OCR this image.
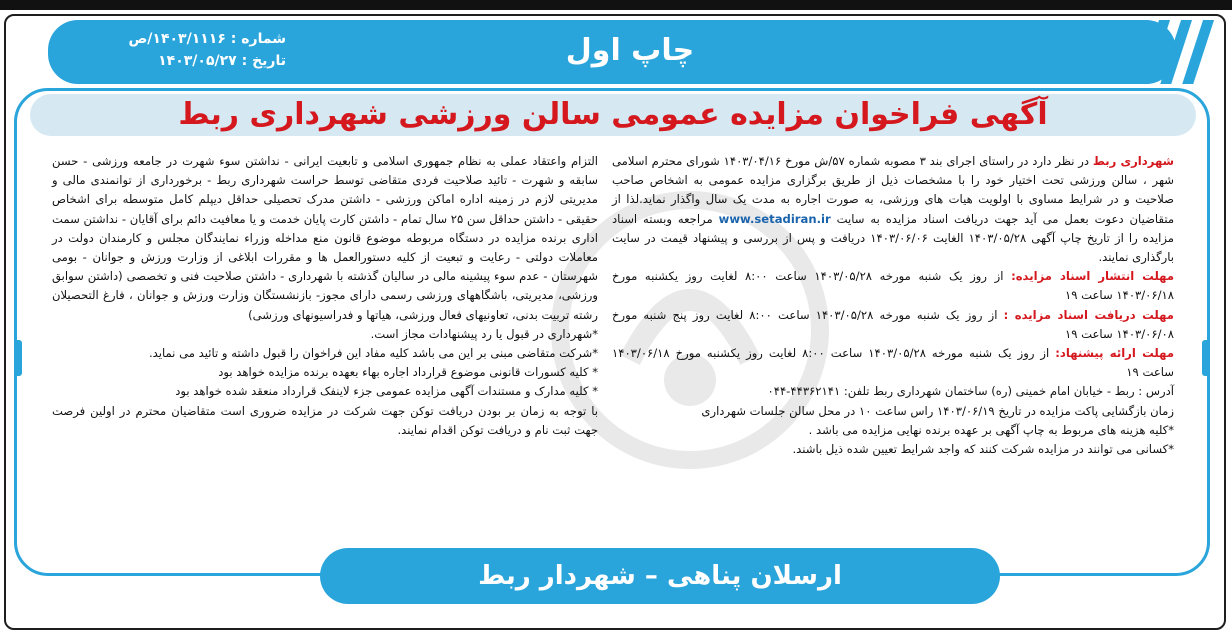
شماره : ۱۴۰۳/۱۱۱۶/ص
تاریخ : ۱۴۰۳/۰۵/۲۷	چاپ اول
آگهی فراخوان مزایده عمومی سالن ورزشی شهرداری ربط

شهرداری ربط در نظر دارد در راستای اجرای بند ۳ مصوبه شماره ۵۷/ش مورخ ۱۴۰۳/۰۴/۱۶ شورای محترم اسلامی شهر ، سالن ورزشی تحت اختیار خود را با مشخصات ذیل از طریق برگزاری مزایده عمومی به اشخاص صاحب صلاحیت و در شرایط مساوی با اولویت هیات های ورزشی، به صورت اجاره به مدت یک سال واگذار نماید.لذا از متقاضیان دعوت بعمل می آید جهت دریافت اسناد مزایده به سایت www.setadiran.ir مراجعه وبسته اسناد مزایده را از تاریخ چاپ آگهی ۱۴۰۳/۰۵/۲۸ الغایت ۱۴۰۳/۰۶/۰۶ دریافت و پس از بررسی و پیشنهاد قیمت در سایت بارگذاری نمایند.

مهلت انتشار اسناد مزایده: از روز یک شنبه مورخه ۱۴۰۳/۰۵/۲۸ ساعت ۸:۰۰ لغایت روز یکشنبه مورخ ۱۴۰۳/۰۶/۱۸ ساعت ۱۹

مهلت دریافت اسناد مزایده : از روز یک شنبه مورخه ۱۴۰۳/۰۵/۲۸ ساعت ۸:۰۰ لغایت روز پنج شنبه مورخ ۱۴۰۳/۰۶/۰۸ ساعت ۱۹

مهلت ارائه پیشنهاد: از روز یک شنبه مورخه ۱۴۰۳/۰۵/۲۸ ساعت ۸:۰۰ لغایت روز یکشنبه مورخ ۱۴۰۳/۰۶/۱۸ ساعت ۱۹

آدرس : ربط - خیابان امام خمینی (ره) ساختمان شهرداری ربط تلفن: ۴۴۳۶۲۱۴۱-۰۴۴

زمان بازگشایی پاکت مزایده در تاریخ ۱۴۰۳/۰۶/۱۹ راس ساعت ۱۰ در محل سالن جلسات شهرداری

*کلیه هزینه های مربوط به چاپ آگهی بر عهده برنده نهایی مزایده می باشد .

*کسانی می توانند در مزایده شرکت کنند که واجد شرایط تعیین شده ذیل باشند.

التزام واعتقاد عملی به نظام جمهوری اسلامی و تابعیت ایرانی - نداشتن سوء شهرت در جامعه ورزشی - حسن سابقه و شهرت - تائید صلاحیت فردی متقاضی توسط حراست شهرداری ربط - برخورداری از توانمندی مالی و مدیریتی لازم در زمینه اداره اماکن ورزشی - داشتن مدرک تحصیلی حداقل دیپلم کامل متوسطه برای اشخاص حقیقی - داشتن حداقل سن ۲۵ سال تمام - داشتن کارت پایان خدمت و یا معافیت دائم برای آقایان - نداشتن سمت اداری برنده مزایده در دستگاه مربوطه موضوع قانون منع مداخله وزراء نمایندگان مجلس و کارمندان دولت در معاملات دولتی - رعایت و تبعیت از کلیه دستورالعمل ها و مقررات ابلاغی از وزارت ورزش و جوانان - بومی شهرستان - عدم سوء پیشینه مالی در سالیان گذشته با شهرداری - داشتن صلاحیت فنی و تخصصی (داشتن سوابق ورزشی، مدیریتی، باشگاههای ورزشی رسمی دارای مجوز- بازنشستگان وزارت ورزش و جوانان ، فارغ التحصیلان رشته تربیت بدنی، تعاونیهای فعال ورزشی، هیاتها و فدراسیونهای ورزشی)

*شهرداری در قبول یا رد پیشنهادات مجاز است.

*شرکت متقاضی مبنی بر این می باشد کلیه مفاد این فراخوان را قبول داشته و تائید می نماید.

* کلیه کسورات قانونی موضوع قرارداد اجاره بهاء بعهده برنده مزایده خواهد بود

* کلیه مدارک و مستندات آگهی مزایده عمومی جزء لاینفک قرارداد منعقد شده خواهد بود

با توجه به زمان بر بودن دریافت توکن جهت شرکت در مزایده ضروری است متقاضیان محترم در اولین فرصت جهت ثبت نام و دریافت توکن اقدام نمایند.

ارسلان پناهی – شهردار ربط
